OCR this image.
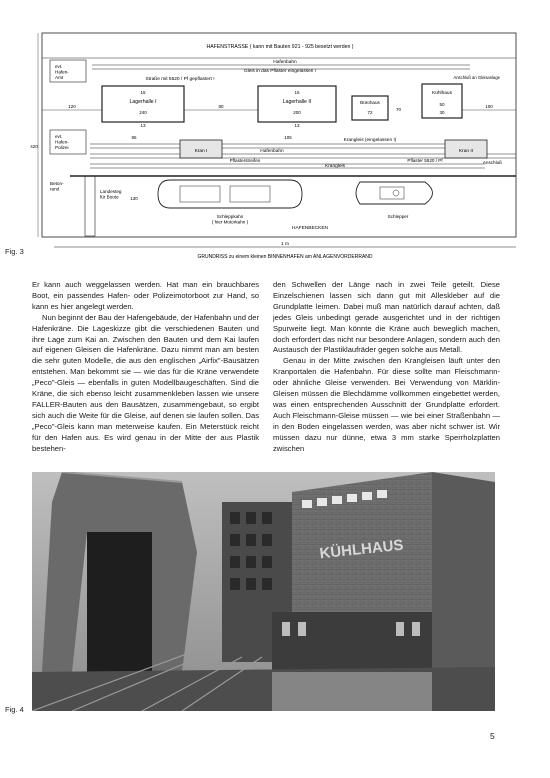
HAFENSTRASSE ( kann mit Bauten 921 - 925 besetzt werden )
Hafenbahn
Gleis in das Pflaster eingelassen !
Straße mit 5520 / Pf gepflastert !	Anschluß an Gleisanlage
evt. Hafen-Amt
Lagerhalle I
15
240
13
Lagerhalle II
15
200
13
Bürohaus
72
70
Kühlhaus
50
30
120	80	100
evt. Hafen-Polizei
420
95	105
Krangleis (eingelassen !)
Hafenbahn
Anschluß
Krangleis
Pflasterstreifen	Pflaster 5520 / Pf
Kran I	Kran II
Beton-rand	Landesteg für Boote	130
Schleppkahn ( hier Motorkahn )
Schlepper
HAFENBECKEN
1 m
GRUNDRISS zu einem kleinen BINNENHAFEN am ANLAGENVORDERRAND
Fig. 3

Er kann auch weggelassen werden. Hat man ein brauchbares Boot, ein passendes Hafen- oder Polizeimotorboot zur Hand, so kann es hier angelegt werden.

Nun beginnt der Bau der Hafengebäude, der Hafenbahn und der Hafenkräne. Die Lageskizze gibt die verschiedenen Bauten und ihre Lage zum Kai an. Zwischen den Bauten und dem Kai laufen auf eigenen Gleisen die Hafenkräne. Dazu nimmt man am besten die sehr guten Modelle, die aus den englischen „Airfix"-Bausätzen entstehen. Man bekommt sie — wie das für die Kräne verwendete „Peco"-Gleis — ebenfalls in guten Modellbaugeschäften. Sind die Kräne, die sich ebenso leicht zusammenkleben lassen wie unsere FALLER-Bauten aus den Bausätzen, zusammengebaut, so ergibt sich auch die Weite für die Gleise, auf denen sie laufen sollen. Das „Peco"-Gleis kann man meterweise kaufen. Ein Meterstück reicht für den Hafen aus. Es wird genau in der Mitte der aus Plastik bestehen-

den Schwellen der Länge nach in zwei Teile geteilt. Diese Einzelschienen lassen sich dann gut mit Alleskleber auf die Grundplatte leimen. Dabei muß man natürlich darauf achten, daß jedes Gleis unbedingt gerade ausgerichtet und in der richtigen Spurweite liegt. Man könnte die Kräne auch beweglich machen, doch erfordert das nicht nur besondere Anlagen, sondern auch den Austausch der Plastiklaufräder gegen solche aus Metall.

Genau in der Mitte zwischen den Krangleisen läuft unter den Kranportalen die Hafenbahn. Für diese sollte man Fleischmann- oder ähnliche Gleise verwenden. Bei Verwendung von Märklin-Gleisen müssen die Blechdämme vollkommen eingebettet werden, was einen entsprechenden Ausschnitt der Grundplatte erfordert. Auch Fleischmann-Gleise müssen — wie bei einer Straßenbahn — in den Boden eingelassen werden, was aber nicht schwer ist. Wir müssen dazu nur dünne, etwa 3 mm starke Sperrholzplatten zwischen

KÜHLHAUS
Fig. 4
5
